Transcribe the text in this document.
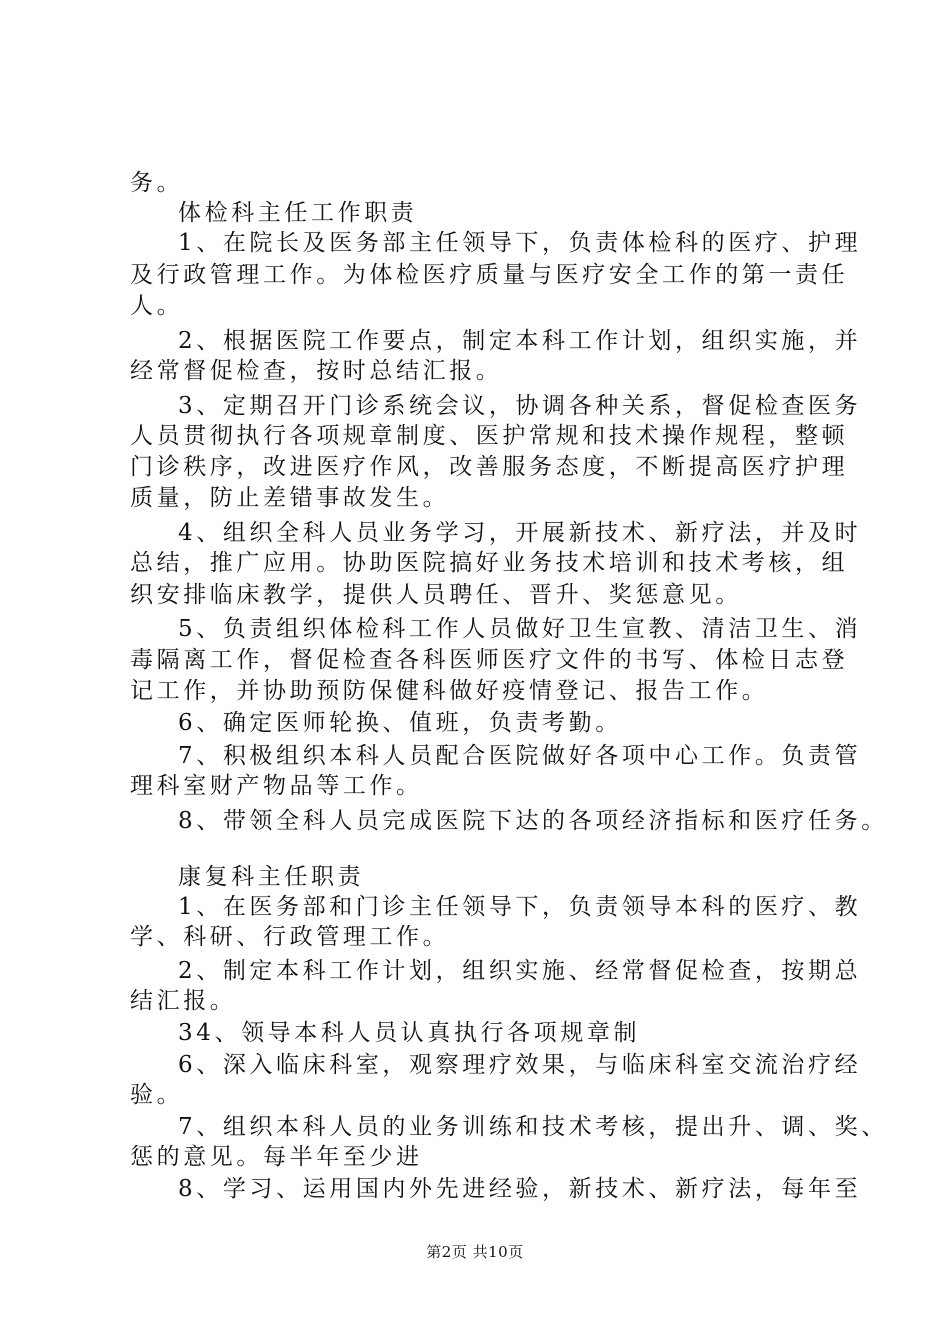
务。
体检科主任工作职责
1、在院长及医务部主任领导下，负责体检科的医疗、护理
及行政管理工作。为体检医疗质量与医疗安全工作的第一责任
人。
2、根据医院工作要点，制定本科工作计划，组织实施，并
经常督促检查，按时总结汇报。
3、定期召开门诊系统会议，协调各种关系，督促检查医务
人员贯彻执行各项规章制度、医护常规和技术操作规程，整顿
门诊秩序，改进医疗作风，改善服务态度，不断提高医疗护理
质量，防止差错事故发生。
4、组织全科人员业务学习，开展新技术、新疗法，并及时
总结，推广应用。协助医院搞好业务技术培训和技术考核，组
织安排临床教学，提供人员聘任、晋升、奖惩意见。
5、负责组织体检科工作人员做好卫生宣教、清洁卫生、消
毒隔离工作，督促检查各科医师医疗文件的书写、体检日志登
记工作，并协助预防保健科做好疫情登记、报告工作。
6、确定医师轮换、值班，负责考勤。
7、积极组织本科人员配合医院做好各项中心工作。负责管
理科室财产物品等工作。
8、带领全科人员完成医院下达的各项经济指标和医疗任务。
康复科主任职责
1、在医务部和门诊主任领导下，负责领导本科的医疗、教
学、科研、行政管理工作。
2、制定本科工作计划，组织实施、经常督促检查，按期总
结汇报。
34、领导本科人员认真执行各项规章制
6、深入临床科室，观察理疗效果，与临床科室交流治疗经
验。
7、组织本科人员的业务训练和技术考核，提出升、调、奖、
惩的意见。每半年至少进
8、学习、运用国内外先进经验，新技术、新疗法，每年至
第2页 共10页
